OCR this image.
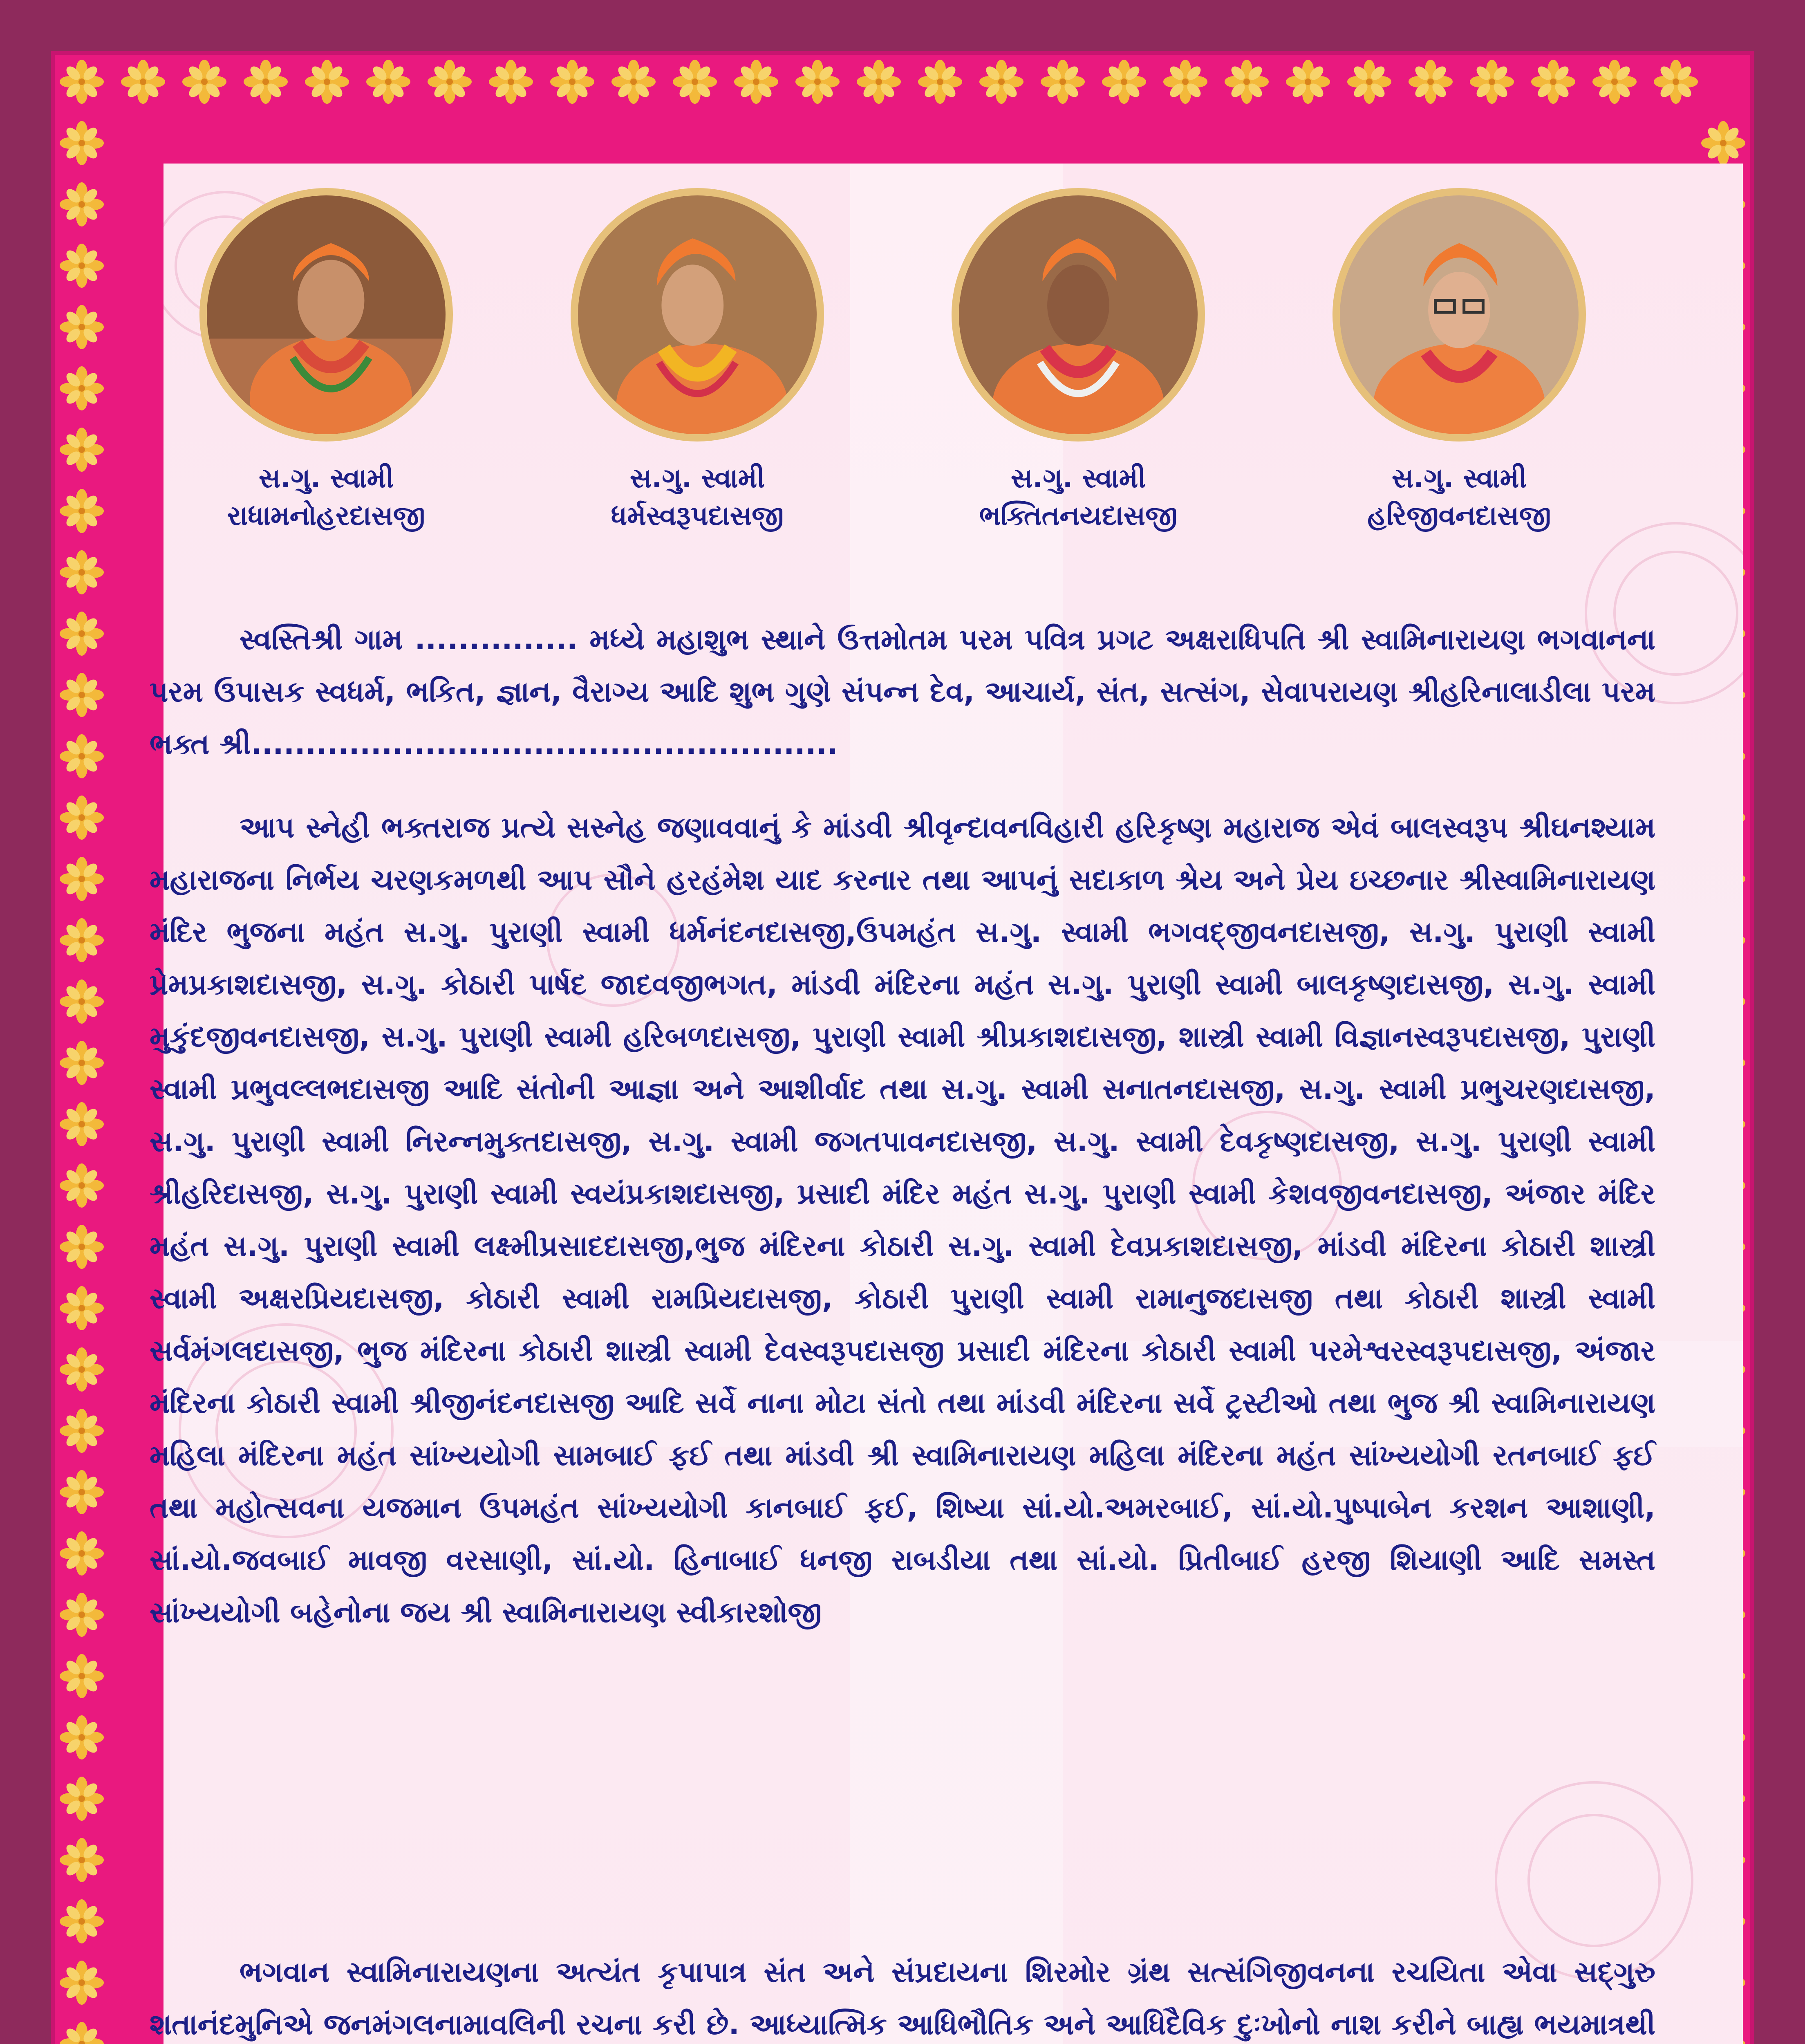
સ.ગુ. સ્વામી
રાધામનોહરદાસજી
સ.ગુ. સ્વામી
ધર્મસ્વરૂપદાસજી
સ.ગુ. સ્વામી
ભક્તિતનયદાસજી
સ.ગુ. સ્વામી
હરિજીવનદાસજી
સ્વસ્તિશ્રી ગામ ............... મધ્યે મહાશુભ સ્થાને ઉત્તમોતમ પરમ પવિત્ર પ્રગટ અક્ષરાધિપતિ શ્રી સ્વામિનારાયણ ભગવાનના પરમ ઉપાસક સ્વધર્મ, ભકિત, જ્ઞાન, વૈરાગ્ય આદિ શુભ ગુણે સંપન્ન દેવ, આચાર્ય, સંત, સત્સંગ, સેવાપરાયણ શ્રીહરિનાલાડીલા પરમ ભક્ત શ્રી......................................................
આપ સ્નેહી ભક્તરાજ પ્રત્યે સસ્નેહ જણાવવાનું કે માંડવી શ્રીવૃન્દાવનવિહારી હરિકૃષ્ણ મહારાજ એવં બાલસ્વરૂપ શ્રીઘનશ્યામ મહારાજના નિર્ભય ચરણકમળથી આપ સૌને હરહંમેશ યાદ કરનાર તથા આપનું સદાકાળ શ્રેય અને પ્રેય ઇચ્છનાર શ્રીસ્વામિનારાયણ મંદિર ભુજના મહંત સ.ગુ. પુરાણી સ્વામી ધર્મનંદનદાસજી,ઉપમહંત સ.ગુ. સ્વામી ભગવદ્જીવનદાસજી, સ.ગુ. પુરાણી સ્વામી પ્રેમપ્રકાશદાસજી, સ.ગુ. કોઠારી પાર્ષદ જાદવજીભગત, માંડવી મંદિરના મહંત સ.ગુ. પુરાણી સ્વામી બાલકૃષ્ણદાસજી, સ.ગુ. સ્વામી મુકુંદજીવનદાસજી, સ.ગુ. પુરાણી સ્વામી હરિબળદાસજી, પુરાણી સ્વામી શ્રીપ્રકાશદાસજી, શાસ્ત્રી સ્વામી વિજ્ઞાનસ્વરૂપદાસજી, પુરાણી સ્વામી પ્રભુવલ્લભદાસજી આદિ સંતોની આજ્ઞા અને આશીર્વાદ તથા સ.ગુ. સ્વામી સનાતનદાસજી, સ.ગુ. સ્વામી પ્રભુચરણદાસજી, સ.ગુ. પુરાણી સ્વામી નિરન્નમુક્તદાસજી, સ.ગુ. સ્વામી જગતપાવનદાસજી, સ.ગુ. સ્વામી દેવકૃષ્ણદાસજી, સ.ગુ. પુરાણી સ્વામી શ્રીહરિદાસજી, સ.ગુ. પુરાણી સ્વામી સ્વયંપ્રકાશદાસજી, પ્રસાદી મંદિર મહંત સ.ગુ. પુરાણી સ્વામી કેશવજીવનદાસજી, અંજાર મંદિર મહંત સ.ગુ. પુરાણી સ્વામી લક્ષ્મીપ્રસાદદાસજી,ભુજ મંદિરના કોઠારી સ.ગુ. સ્વામી દેવપ્રકાશદાસજી, માંડવી મંદિરના કોઠારી શાસ્ત્રી સ્વામી અક્ષરપ્રિયદાસજી, કોઠારી સ્વામી રામપ્રિયદાસજી, કોઠારી પુરાણી સ્વામી રામાનુજદાસજી તથા કોઠારી શાસ્ત્રી સ્વામી સર્વમંગલદાસજી, ભુજ મંદિરના કોઠારી શાસ્ત્રી સ્વામી દેવસ્વરૂપદાસજી પ્રસાદી મંદિરના કોઠારી સ્વામી પરમેશ્વરસ્વરૂપદાસજી, અંજાર મંદિરના કોઠારી સ્વામી શ્રીજીનંદનદાસજી આદિ સર્વે નાના મોટા સંતો તથા માંડવી મંદિરના સર્વે ટ્રસ્ટીઓ તથા ભુજ શ્રી સ્વામિનારાયણ મહિલા મંદિરના મહંત સાંખ્યયોગી સામબાઈ ફઈ તથા માંડવી શ્રી સ્વામિનારાયણ મહિલા મંદિરના મહંત સાંખ્યયોગી રતનબાઈ ફઈ તથા મહોત્સવના યજમાન ઉપમહંત સાંખ્યયોગી કાનબાઈ ફઈ, શિષ્યા સાં.યો.અમરબાઈ, સાં.યો.પુષ્પાબેન કરશન આશાણી, સાં.યો.જવબાઈ માવજી વરસાણી, સાં.યો. હિનાબાઈ ધનજી રાબડીયા તથા સાં.યો. પ્રિતીબાઈ હરજી શિયાણી આદિ સમસ્ત સાંખ્યયોગી બહેનોના જય શ્રી સ્વામિનારાયણ સ્વીકારશોજી
ભગવાન સ્વામિનારાયણના અત્યંત કૃપાપાત્ર સંત અને સંપ્રદાયના શિરમોર ગ્રંથ સત્સંગિજીવનના રચયિતા એવા સદ્ગુરુ શતાનંદમુનિએ જનમંગલનામાવલિની રચના કરી છે. આધ્યાત્મિક આધિભૌતિક અને આધિદૈવિક દુઃખોનો નાશ કરીને બાહ્ય ભયમાત્રથી
